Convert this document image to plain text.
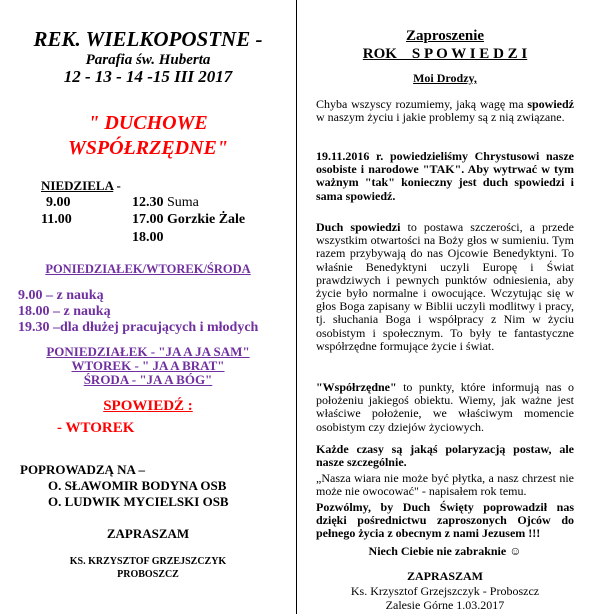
REK. WIELKOPOSTNE -
Parafia św. Huberta
12 - 13 - 14 -15 III 2017
" DUCHOWE
WSPÓŁRZĘDNE"
NIEDZIELA -
9.00	12.30 Suma
11.00	17.00 Gorzkie Żale
18.00
PONIEDZIAŁEK/WTOREK/ŚRODA
9.00 – z nauką
18.00 – z nauką
19.30 –dla dłużej pracujących i młodych
PONIEDZIAŁEK - "JA A JA SAM"
WTOREK - " JA A BRAT"
ŚRODA - "JA A BÓG"
SPOWIEDŹ :
- WTOREK
POPROWADZĄ NA –
O. SŁAWOMIR BODYNA OSB
O. LUDWIK MYCIELSKI OSB
ZAPRASZAM
KS. KRZYSZTOF GRZEJSZCZYK
PROBOSZCZ
Zaproszenie
ROK    S P O W I E D Z I
Moi Drodzy,
Chyba wszyscy rozumiemy, jaką wagę ma spowiedź w naszym życiu i jakie problemy są z nią związane.
19.11.2016 r. powiedzieliśmy Chrystusowi nasze osobiste i narodowe "TAK". Aby wytrwać w tym ważnym "tak" konieczny jest duch spowiedzi i sama spowiedź.
Duch spowiedzi to postawa szczerości, a przede wszystkim otwartości na Boży głos w sumieniu. Tym razem przybywają do nas Ojcowie Benedyktyni. To właśnie Benedyktyni uczyli Europę i Świat prawdziwych i pewnych punktów odniesienia, aby życie było normalne i owocujące. Wczytując się w głos Boga zapisany w Biblii uczyli modlitwy i pracy, tj. słuchania Boga i współpracy z Nim w życiu osobistym i społecznym. To były te fantastyczne współrzędne formujące życie i świat.
"Współrzędne" to punkty, które informują nas o położeniu jakiegoś obiektu. Wiemy, jak ważne jest właściwe położenie, we właściwym momencie osobistym czy dziejów życiowych.
Każde czasy są jakąś polaryzacją postaw, ale nasze szczególnie.
„Nasza wiara nie może być płytka, a nasz chrzest nie może nie owocować" - napisałem rok temu.
Pozwólmy, by Duch Święty poprowadził nas dzięki pośrednictwu zaproszonych Ojców do pełnego życia z obecnym z nami Jezusem !!!
Niech Ciebie nie zabraknie ☺
ZAPRASZAM
Ks. Krzysztof Grzejszczyk - Proboszcz
Zalesie Górne 1.03.2017
